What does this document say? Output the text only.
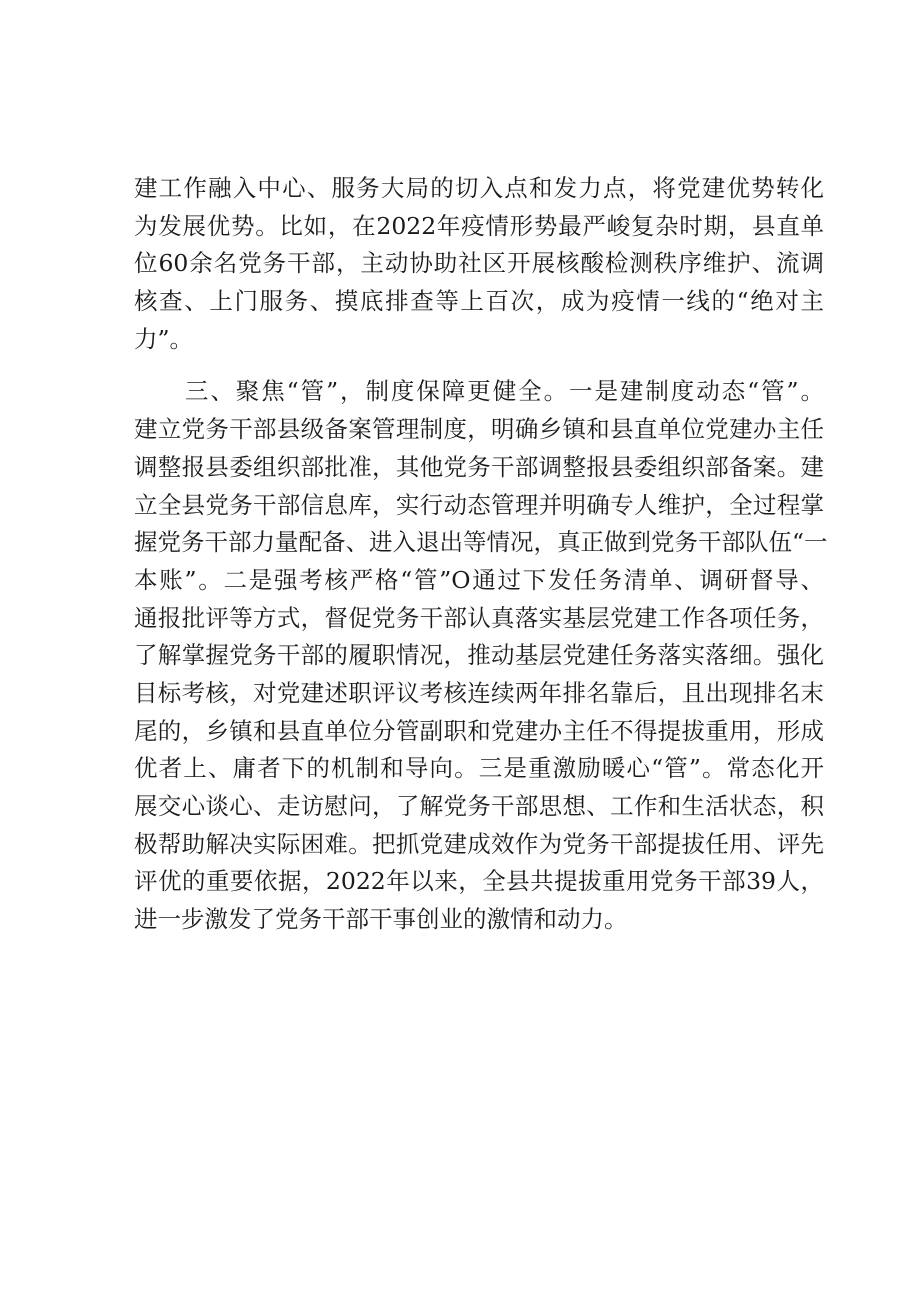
建工作融入中心、服务大局的切入点和发力点，将党建优势转化
为发展优势。比如，在2022年疫情形势最严峻复杂时期，县直单
位60余名党务干部，主动协助社区开展核酸检测秩序维护、流调
核查、上门服务、摸底排查等上百次，成为疫情一线的“绝对主
力”。
　　三、聚焦“管”，制度保障更健全。一是建制度动态“管”。
建立党务干部县级备案管理制度，明确乡镇和县直单位党建办主任
调整报县委组织部批准，其他党务干部调整报县委组织部备案。建
立全县党务干部信息库，实行动态管理并明确专人维护，全过程掌
握党务干部力量配备、进入退出等情况，真正做到党务干部队伍“一
本账”。二是强考核严格“管”O通过下发任务清单、调研督导、
通报批评等方式，督促党务干部认真落实基层党建工作各项任务，
了解掌握党务干部的履职情况，推动基层党建任务落实落细。强化
目标考核，对党建述职评议考核连续两年排名靠后，且出现排名末
尾的，乡镇和县直单位分管副职和党建办主任不得提拔重用，形成
优者上、庸者下的机制和导向。三是重激励暖心“管”。常态化开
展交心谈心、走访慰问，了解党务干部思想、工作和生活状态，积
极帮助解决实际困难。把抓党建成效作为党务干部提拔任用、评先
评优的重要依据，2022年以来，全县共提拔重用党务干部39人，
进一步激发了党务干部干事创业的激情和动力。
